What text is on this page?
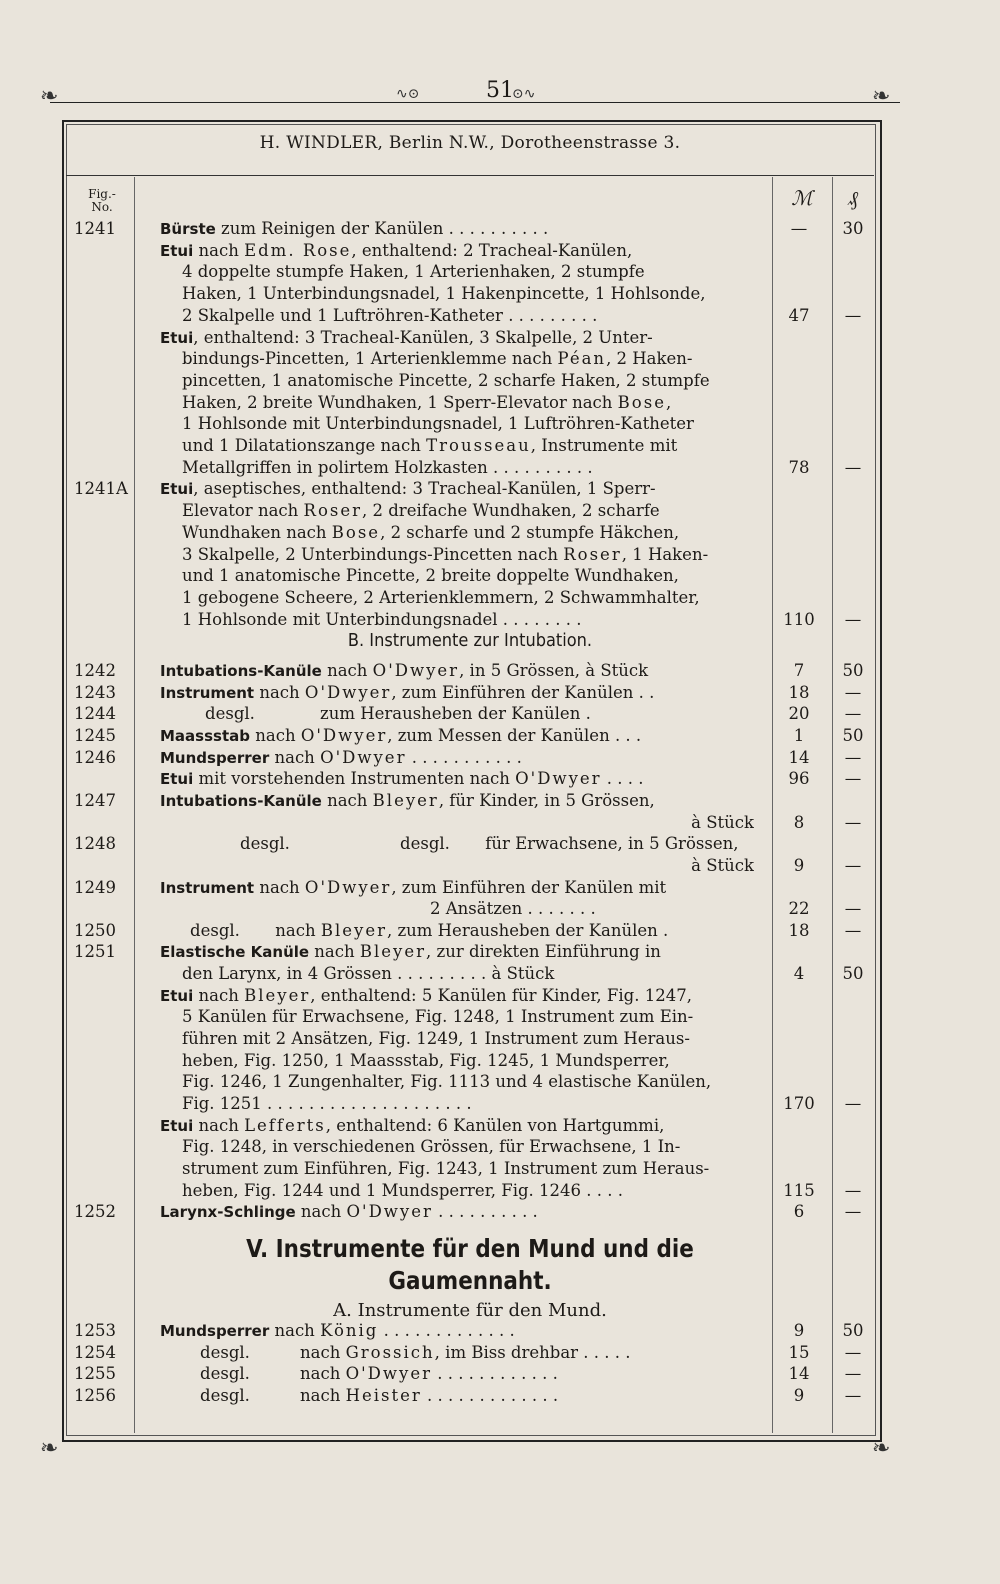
❧	∿⊙	51
⊙∿	❧
❧	❧
H. WINDLER, Berlin N.W., Dorotheenstrasse 3.
Fig.-
No.	ℳ	₰
1241	Bürste zum Reinigen der Kanülen . . . . . . . . . .	—	30
Etui nach Edm. Rose, enthaltend: 2 Tracheal-Kanülen,
4 doppelte stumpfe Haken, 1 Arterienhaken, 2 stumpfe
Haken, 1 Unterbindungsnadel, 1 Hakenpincette, 1 Hohlsonde,
2 Skalpelle und 1 Luftröhren-Katheter . . . . . . . . .	47	—
Etui, enthaltend: 3 Tracheal-Kanülen, 3 Skalpelle, 2 Unter-
bindungs-Pincetten, 1 Arterienklemme nach Péan, 2 Haken-
pincetten, 1 anatomische Pincette, 2 scharfe Haken, 2 stumpfe
Haken, 2 breite Wundhaken, 1 Sperr-Elevator nach Bose,
1 Hohlsonde mit Unterbindungsnadel, 1 Luftröhren-Katheter
und 1 Dilatationszange nach Trousseau, Instrumente mit
Metallgriffen in polirtem Holzkasten . . . . . . . . . .	78	—
1241A	Etui, aseptisches, enthaltend: 3 Tracheal-Kanülen, 1 Sperr-
Elevator nach Roser, 2 dreifache Wundhaken, 2 scharfe
Wundhaken nach Bose, 2 scharfe und 2 stumpfe Häkchen,
3 Skalpelle, 2 Unterbindungs-Pincetten nach Roser, 1 Haken-
und 1 anatomische Pincette, 2 breite doppelte Wundhaken,
1 gebogene Scheere, 2 Arterienklemmern, 2 Schwammhalter,
1 Hohlsonde mit Unterbindungsnadel . . . . . . . .	110	—
B. Instrumente zur Intubation.
1242	Intubations-Kanüle nach O'Dwyer, in 5 Grössen, à Stück	7	50
1243	Instrument nach O'Dwyer, zum Einführen der Kanülen . .	18	—
1244	desgl.	zum Herausheben der Kanülen .	20	—
1245	Maassstab nach O'Dwyer, zum Messen der Kanülen . . .	1	50
1246	Mundsperrer nach O'Dwyer . . . . . . . . . . .	14	—
Etui mit vorstehenden Instrumenten nach O'Dwyer . . . .	96	—
1247	Intubations-Kanüle nach Bleyer, für Kinder, in 5 Grössen,
à Stück	8	—
1248	desgl.	desgl. für Erwachsene, in 5 Grössen,
à Stück	9	—
1249	Instrument nach O'Dwyer, zum Einführen der Kanülen mit
2 Ansätzen . . . . . . .	22	—
1250	desgl. nach Bleyer, zum Herausheben der Kanülen .	18	—
1251	Elastische Kanüle nach Bleyer, zur direkten Einführung in
den Larynx, in 4 Grössen . . . . . . . . . à Stück	4	50
Etui nach Bleyer, enthaltend: 5 Kanülen für Kinder, Fig. 1247,
5 Kanülen für Erwachsene, Fig. 1248, 1 Instrument zum Ein-
führen mit 2 Ansätzen, Fig. 1249, 1 Instrument zum Heraus-
heben, Fig. 1250, 1 Maassstab, Fig. 1245, 1 Mundsperrer,
Fig. 1246, 1 Zungenhalter, Fig. 1113 und 4 elastische Kanülen,
Fig. 1251 . . . . . . . . . . . . . . . . . . . .	170	—
Etui nach Lefferts, enthaltend: 6 Kanülen von Hartgummi,
Fig. 1248, in verschiedenen Grössen, für Erwachsene, 1 In-
strument zum Einführen, Fig. 1243, 1 Instrument zum Heraus-
heben, Fig. 1244 und 1 Mundsperrer, Fig. 1246 . . . .	115	—
1252	Larynx-Schlinge nach O'Dwyer . . . . . . . . . .	6	—
V. Instrumente für den Mund und die
Gaumennaht.
A. Instrumente für den Mund.
1253	Mundsperrer nach König . . . . . . . . . . . . .	9	50
1254	desgl.	nach Grossich, im Biss drehbar . . . . .	15	—
1255	desgl.	nach O'Dwyer . . . . . . . . . . . .	14	—
1256	desgl.	nach Heister . . . . . . . . . . . . .	9	—
